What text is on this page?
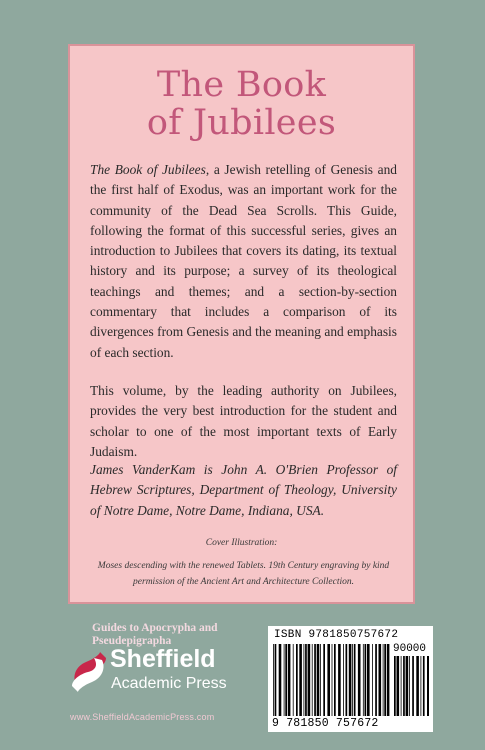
The Book
of Jubilees

The Book of Jubilees, a Jewish retelling of Genesis and the first half of Exodus, was an important work for the community of the Dead Sea Scrolls. This Guide, following the format of this successful series, gives an introduction to Jubilees that covers its dating, its textual history and its purpose; a survey of its theological teachings and themes; and a section-by-section commentary that includes a comparison of its divergences from Genesis and the meaning and emphasis of each section.

This volume, by the leading authority on Jubilees, provides the very best introduction for the student and scholar to one of the most important texts of Early Judaism.

James VanderKam is John A. O'Brien Professor of Hebrew Scriptures, Department of Theology, University of Notre Dame, Notre Dame, Indiana, USA.

Cover Illustration:
Moses descending with the renewed Tablets. 19th Century engraving by kind permission of the Ancient Art and Architecture Collection.
Guides to Apocrypha and
Pseudepigrapha
Sheffield
Academic Press
www.SheffieldAcademicPress.com
ISBN 9781850757672
90000
9 781850 757672
